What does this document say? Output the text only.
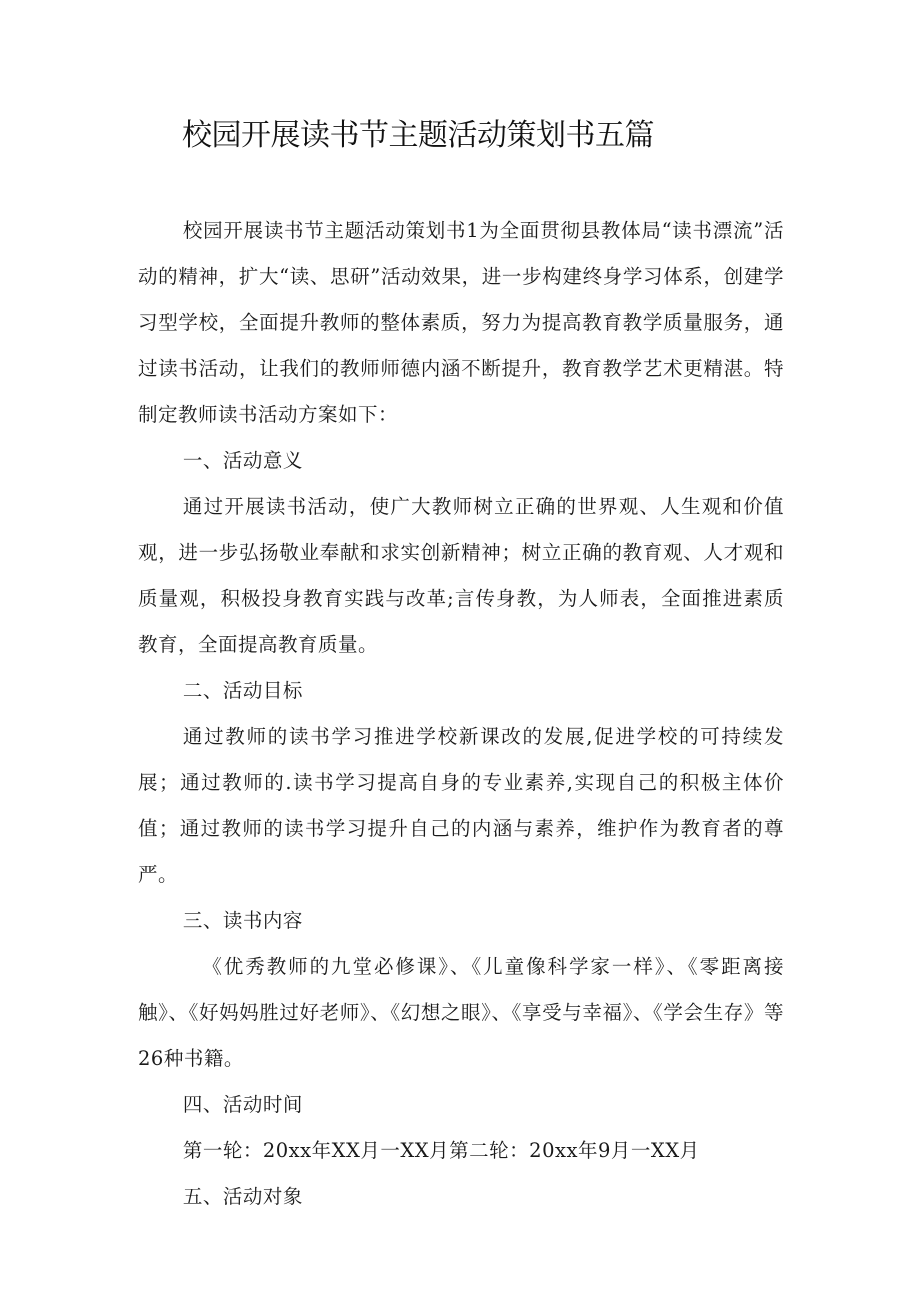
校园开展读书节主题活动策划书五篇

校园开展读书节主题活动策划书1为全面贯彻县教体局“读书漂流”活动的精神，扩大“读、思研”活动效果，进一步构建终身学习体系，创建学习型学校，全面提升教师的整体素质，努力为提高教育教学质量服务，通过读书活动，让我们的教师师德内涵不断提升，教育教学艺术更精湛。特制定教师读书活动方案如下：

一、活动意义

通过开展读书活动，使广大教师树立正确的世界观、人生观和价值观，进一步弘扬敬业奉献和求实创新精神；树立正确的教育观、人才观和质量观，积极投身教育实践与改革;言传身教，为人师表，全面推进素质教育，全面提高教育质量。

二、活动目标

通过教师的读书学习推进学校新课改的发展,促进学校的可持续发展；通过教师的.读书学习提高自身的专业素养,实现自己的积极主体价值；通过教师的读书学习提升自己的内涵与素养，维护作为教育者的尊严。

三、读书内容

《优秀教师的九堂必修课》、《儿童像科学家一样》、《零距离接触》、《好妈妈胜过好老师》、《幻想之眼》、《享受与幸福》、《学会生存》等26种书籍。

四、活动时间

第一轮：20xx年XX月一XX月第二轮：20xx年9月一XX月

五、活动对象
